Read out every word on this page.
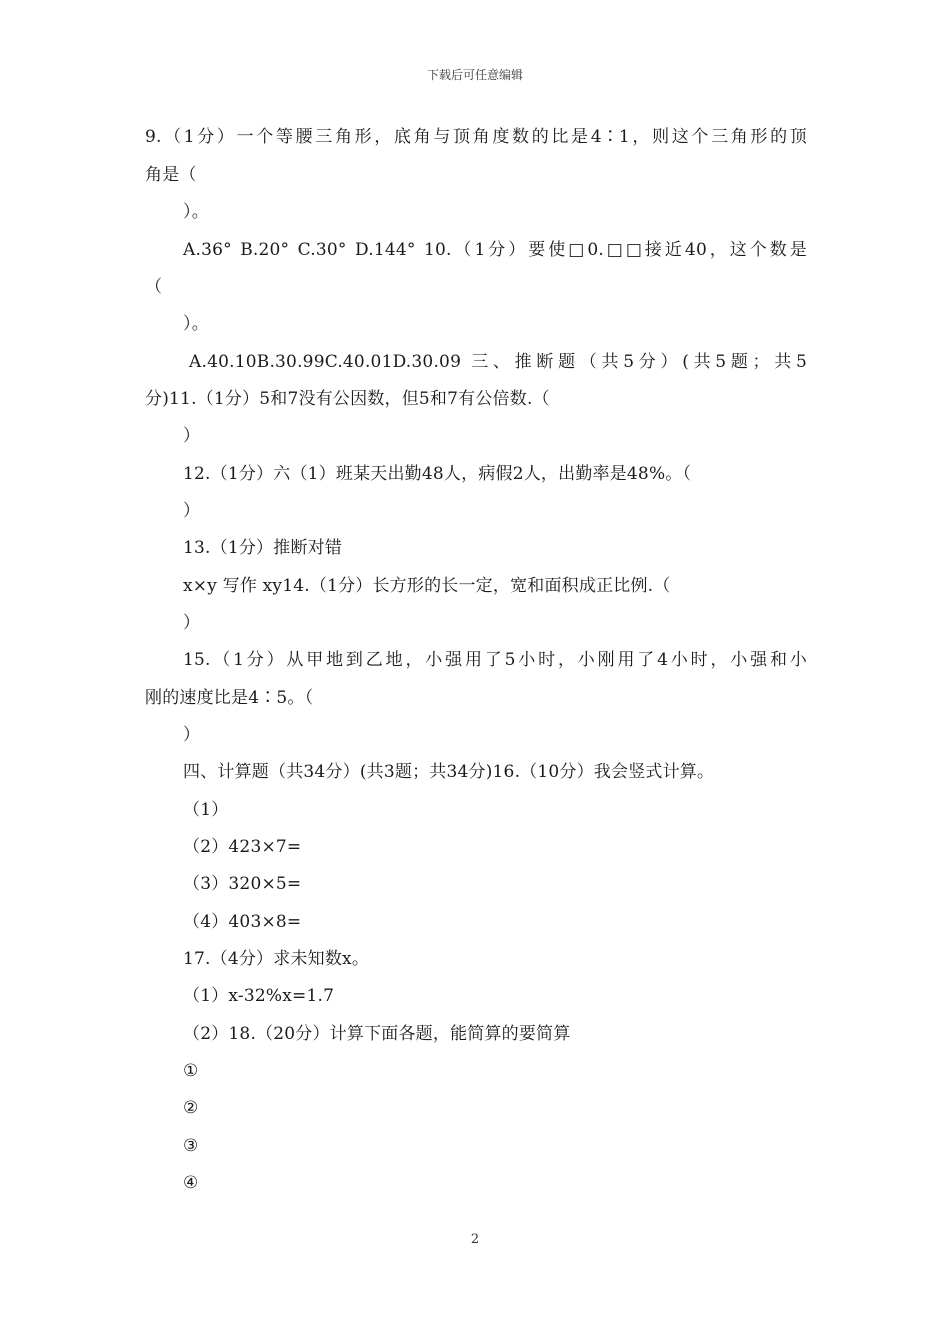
下载后可任意编辑
9.（1分）一个等腰三角形，底角与顶角度数的比是4∶1，则这个三角形的顶
角是（
）。
A.36° B.20° C.30° D.144° 10.（1分）要使□0.□□接近40，这个数是
（
）。
A.40.10B.30.99C.40.01D.30.09 三、推断题（共5分）(共5题；共5
分)11.（1分）5和7没有公因数，但5和7有公倍数.（
）
12.（1分）六（1）班某天出勤48人，病假2人，出勤率是48%。（
）
13.（1分）推断对错
x×y 写作 xy14.（1分）长方形的长一定，宽和面积成正比例.（
）
15.（1分）从甲地到乙地，小强用了5小时，小刚用了4小时，小强和小
刚的速度比是4∶5。（
）
四、计算题（共34分）(共3题；共34分)16.（10分）我会竖式计算。
（1）
（2）423×7=
（3）320×5=
（4）403×8=
17.（4分）求未知数x。
（1）x-32%x=1.7
（2）18.（20分）计算下面各题，能简算的要简算
①
②
③
④
2
